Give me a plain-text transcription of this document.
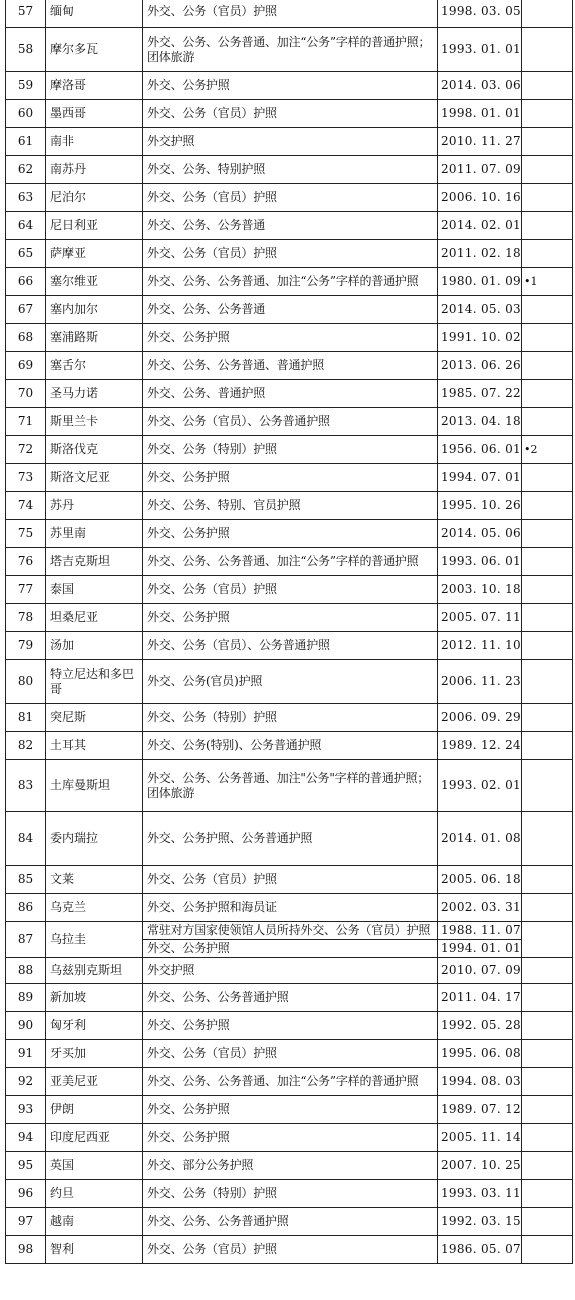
57	缅甸	外交、公务（官员）护照	1998. 03. 05	
58	摩尔多瓦	外交、公务、公务普通、加注“公务”字样的普通护照；团体旅游	1993. 01. 01	
59	摩洛哥	外交、公务护照	2014. 03. 06	
60	墨西哥	外交、公务（官员）护照	1998. 01. 01	
61	南非	外交护照	2010. 11. 27	
62	南苏丹	外交、公务、特别护照	2011. 07. 09	
63	尼泊尔	外交、公务（官员）护照	2006. 10. 16	
64	尼日利亚	外交、公务、公务普通	2014. 02. 01	
65	萨摩亚	外交、公务（官员）护照	2011. 02. 18	
66	塞尔维亚	外交、公务、公务普通、加注“公务”字样的普通护照	1980. 01. 09	•1
67	塞内加尔	外交、公务、公务普通	2014. 05. 03	
68	塞浦路斯	外交、公务护照	1991. 10. 02	
69	塞舌尔	外交、公务、公务普通、普通护照	2013. 06. 26	
70	圣马力诺	外交、公务、普通护照	1985. 07. 22	
71	斯里兰卡	外交、公务（官员）、公务普通护照	2013. 04. 18	
72	斯洛伐克	外交、公务（特别）护照	1956. 06. 01	•2
73	斯洛文尼亚	外交、公务护照	1994. 07. 01	
74	苏丹	外交、公务、特别、官员护照	1995. 10. 26	
75	苏里南	外交、公务护照	2014. 05. 06	
76	塔吉克斯坦	外交、公务、公务普通、加注“公务”字样的普通护照	1993. 06. 01	
77	泰国	外交、公务（官员）护照	2003. 10. 18	
78	坦桑尼亚	外交、公务护照	2005. 07. 11	
79	汤加	外交、公务（官员）、公务普通护照	2012. 11. 10	
80	特立尼达和多巴哥	外交、公务(官员)护照	2006. 11. 23	
81	突尼斯	外交、公务（特别）护照	2006. 09. 29	
82	土耳其	外交、公务(特别)、公务普通护照	1989. 12. 24	
83	土库曼斯坦	外交、公务、公务普通、加注"公务"字样的普通护照；团体旅游	1993. 02. 01	
84	委内瑞拉	外交、公务护照、公务普通护照	2014. 01. 08	
85	文莱	外交、公务（官员）护照	2005. 06. 18	
86	乌克兰	外交、公务护照和海员证	2002. 03. 31	
87	乌拉圭	常驻对方国家使领馆人员所持外交、公务（官员）护照	1988. 11. 07	
		外交、公务护照	1994. 01. 01	
88	乌兹别克斯坦	外交护照	2010. 07. 09	
89	新加坡	外交、公务、公务普通护照	2011. 04. 17	
90	匈牙利	外交、公务护照	1992. 05. 28	
91	牙买加	外交、公务（官员）护照	1995. 06. 08	
92	亚美尼亚	外交、公务、公务普通、加注“公务”字样的普通护照	1994. 08. 03	
93	伊朗	外交、公务护照	1989. 07. 12	
94	印度尼西亚	外交、公务护照	2005. 11. 14	
95	英国	外交、部分公务护照	2007. 10. 25	
96	约旦	外交、公务（特别）护照	1993. 03. 11	
97	越南	外交、公务、公务普通护照	1992. 03. 15	
98	智利	外交、公务（官员）护照	1986. 05. 07	
